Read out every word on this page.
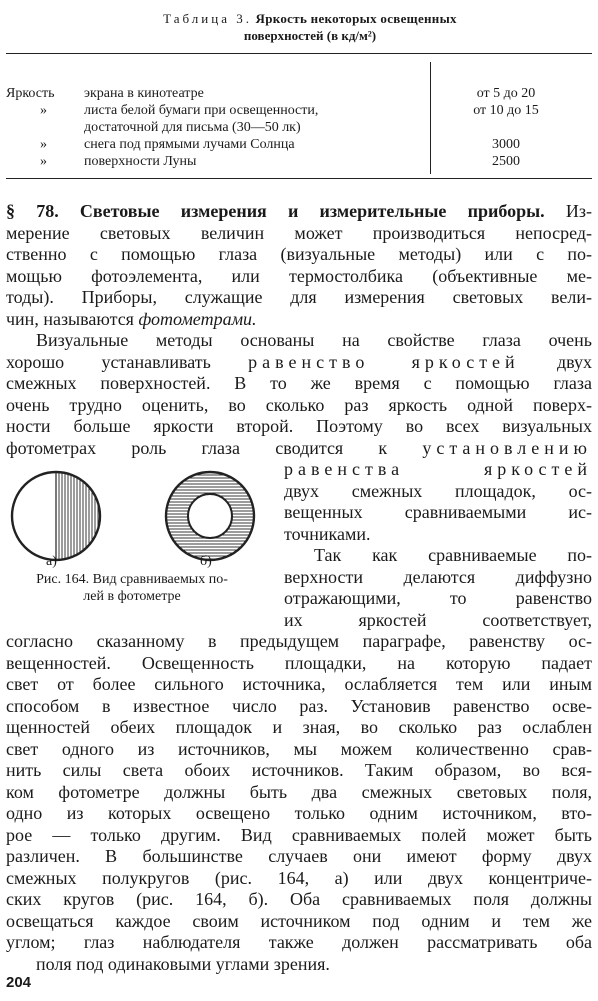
Таблица 3. Яркость некоторых освещенных
поверхностей (в кд/м²)
Яркость экрана в кинотеатре	от 5 до 20
»	листа белой бумаги при освещенности,	от 10 до 15
достаточной для письма (30—50 лк)
»	снега под прямыми лучами Солнца	3000
»	поверхности Луны	2500
§ 78. Световые измерения и измерительные приборы. Из-
мерение световых величин может производиться непосред-
ственно с помощью глаза (визуальные методы) или с по-
мощью фотоэлемента, или термостолбика (объективные ме-
тоды). Приборы, служащие для измерения световых вели-
чин, называются фотометрами.
Визуальные методы основаны на свойстве глаза очень
хорошо устанавливать равенство яркостей двух
смежных поверхностей. В то же время с помощью глаза
очень трудно оценить, во сколько раз яркость одной поверх-
ности больше яркости второй. Поэтому во всех визуальных
фотометрах роль глаза сводится к установлению
равенства яркостей
двух смежных площадок, ос-
вещенных сравниваемыми ис-
точниками.
Так как сравниваемые по-
верхности делаются диффузно
отражающими, то равенство
их яркостей соответствует,
а)	б)
Рис. 164. Вид сравниваемых по-
лей в фотометре
согласно сказанному в предыдущем параграфе, равенству ос-
вещенностей. Освещенность площадки, на которую падает
свет от более сильного источника, ослабляется тем или иным
способом в известное число раз. Установив равенство осве-
щенностей обеих площадок и зная, во сколько раз ослаблен
свет одного из источников, мы можем количественно срав-
нить силы света обоих источников. Таким образом, во вся-
ком фотометре должны быть два смежных световых поля,
одно из которых освещено только одним источником, вто-
рое — только другим. Вид сравниваемых полей может быть
различен. В большинстве случаев они имеют форму двух
смежных полукругов (рис. 164, а) или двух концентриче-
ских кругов (рис. 164, б). Оба сравниваемых поля должны
освещаться каждое своим источником под одним и тем же
углом; глаз наблюдателя также должен рассматривать оба
поля под одинаковыми углами зрения.
204
